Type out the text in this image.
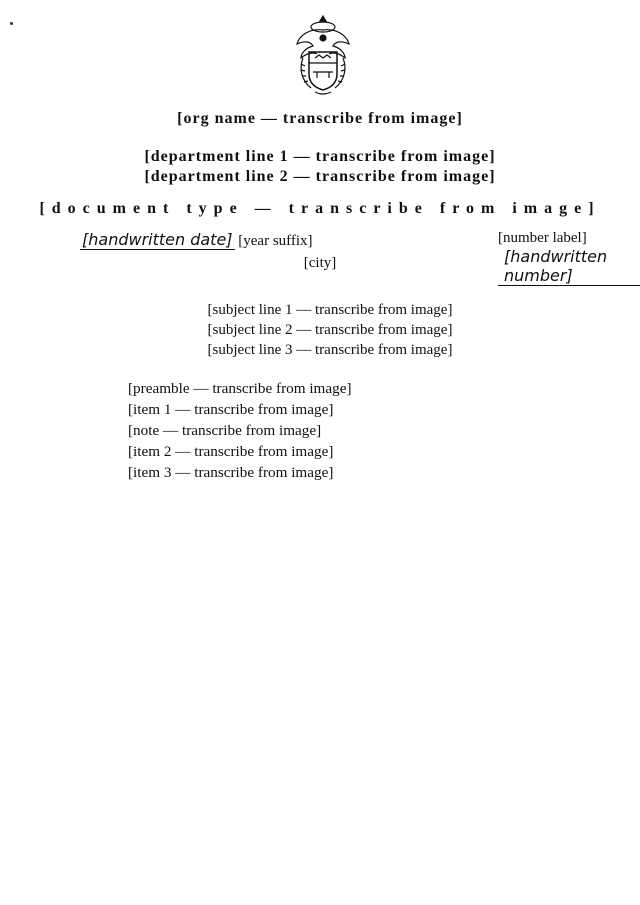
[org name — transcribe from image]
[department line 1 — transcribe from image]
[department line 2 — transcribe from image]
[document type — transcribe from image]
[handwritten date] [year suffix]	[number label] [handwritten number]
[city]
[subject line 1 — transcribe from image]
[subject line 2 — transcribe from image]
[subject line 3 — transcribe from image]

[preamble — transcribe from image]

[item 1 — transcribe from image]

[note — transcribe from image]

[item 2 — transcribe from image]

[item 3 — transcribe from image]
